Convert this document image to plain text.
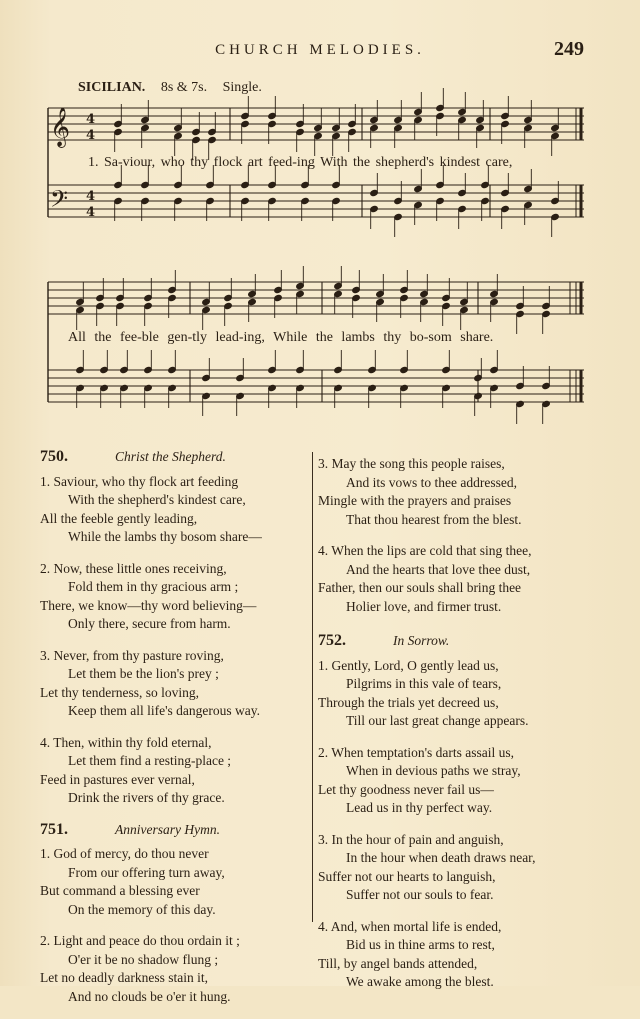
CHURCH MELODIES.	249
SICILIAN. 8s & 7s. Single.
𝄞
𝄢
4
4
4
4
1. Sa-viour, who thy flock art feed-ing With the shepherd's kindest care,
All the fee-ble gen-tly lead-ing, While the lambs thy bo-som share.
750.	Christ the Shepherd.
1. Saviour, who thy flock art feeding
With the shepherd's kindest care,
All the feeble gently leading,
While the lambs thy bosom share—
2. Now, these little ones receiving,
Fold them in thy gracious arm ;
There, we know—thy word believing—
Only there, secure from harm.
3. Never, from thy pasture roving,
Let them be the lion's prey ;
Let thy tenderness, so loving,
Keep them all life's dangerous way.
4. Then, within thy fold eternal,
Let them find a resting-place ;
Feed in pastures ever vernal,
Drink the rivers of thy grace.
751.	Anniversary Hymn.
1. God of mercy, do thou never
From our offering turn away,
But command a blessing ever
On the memory of this day.
2. Light and peace do thou ordain it ;
O'er it be no shadow flung ;
Let no deadly darkness stain it,
And no clouds be o'er it hung.
3. May the song this people raises,
And its vows to thee addressed,
Mingle with the prayers and praises
That thou hearest from the blest.
4. When the lips are cold that sing thee,
And the hearts that love thee dust,
Father, then our souls shall bring thee
Holier love, and firmer trust.
752.	In Sorrow.
1. Gently, Lord, O gently lead us,
Pilgrims in this vale of tears,
Through the trials yet decreed us,
Till our last great change appears.
2. When temptation's darts assail us,
When in devious paths we stray,
Let thy goodness never fail us—
Lead us in thy perfect way.
3. In the hour of pain and anguish,
In the hour when death draws near,
Suffer not our hearts to languish,
Suffer not our souls to fear.
4. And, when mortal life is ended,
Bid us in thine arms to rest,
Till, by angel bands attended,
We awake among the blest.
